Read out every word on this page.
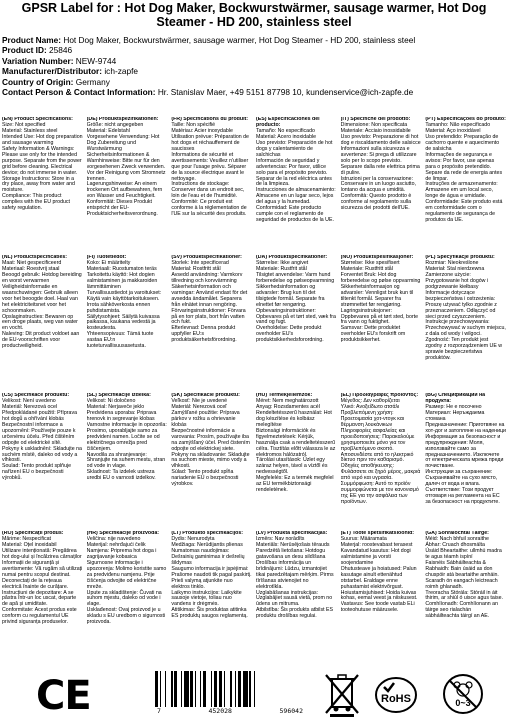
GPSR Label for : Hot Dog Maker, Bockwurstwärmer, sausage warmer, Hot Dog Steamer - HD 200, stainless steel
Product Name: Hot Dog Maker, Bockwurstwärmer, sausage warmer, Hot Dog Steamer - HD 200, stainless steel
Product ID: 25846
Variation Number: NEW-9744
Manufacturer/Distributor: ich-zapfe
Country of Origin: Germany
Contact Person & Contact Information: Hr. Stanislav Maer, +49 5151 87798 10, kundenservice@ich-zapfe.de
(EN) Product Specifications:
Size: Not specified
Material: Stainless steel
Intended Use: Hot dog preparation and sausage warming
Safety Information & Warnings: Please use only for the intended purpose. Separate from the power grid before cleaning. Electrical device; do not immerse in water.
Storage Instructions: Store in a dry place, away from water and moisture.
Compliance: This product complies with the EU product safety regulation.
(DE) Produktspezifikationen:
Größe: nicht angegeben
Material: Edelstahl
Vorgesehene Verwendung: Hot Dog Zubereitung und Wurstwärmung
Sicherheitsinformationen & Warnhinweise: Bitte nur für den vorgesehenen Zweck verwenden. Vor der Reinigung vom Stromnetz trennen.
Lagerungshinweise: An einem trockenen Ort aufbewahren, fern von Wasser und Feuchtigkeit.
Konformität: Dieses Produkt entspricht der EU-Produktsicherheitsverordnung.
(FR) Spécifications du produit:
Taille: Non spécifié
Matériau: Acier inoxydable
Utilisation prévue: Préparation de hot dogs et réchauffement de saucisses
Informations de sécurité et avertissements: Veuillez n'utiliser que pour l'usage prévu. Séparer de la source électrique avant le nettoyage.
Instructions de stockage: Conserver dans un endroit sec, loin de l'eau et de l'humidité.
Conformité: Ce produit est conforme à la réglementation de l'UE sur la sécurité des produits.
(ES) Especificaciones del producto:
Tamaño: No especificado
Material: Acero inoxidable
Uso previsto: Preparación de hot dogs y calentamiento de salchichas
Información de seguridad y advertencias: Por favor, utilice solo para el propósito previsto. Separar de la red eléctrica antes de la limpieza.
Instrucciones de almacenamiento: Almacene en un lugar seco, lejos del agua y la humedad.
Conformidad: Este producto cumple con el reglamento de seguridad de productos de la UE.
(IT) Specifiche del prodotto:
Dimensione: Non specificata
Materiale: Acciaio inossidabile
Uso previsto: Preparazione di hot dog e riscaldamento delle salsicce
Informazioni sulla sicurezza e avvertenze: Si prega di utilizzare solo per lo scopo previsto. Separare dalla rete elettrica prima di pulire.
Istruzioni per la conservazione: Conservare in un luogo asciutto, lontano da acqua e umidità.
Conformità: Questo prodotto è conforme al regolamento sulla sicurezza dei prodotti dell'UE.
(PT) Especificações do produto:
Tamanho: Não especificado
Material: Aço inoxidável
Uso pretendido: Preparação de cachorro quente e aquecimento de salsicha
Informações de segurança e avisos: Por favor, use apenas para o propósito pretendido. Separe da rede de energia antes de limpar.
Instruções de armazenamento: Armazene em um local seco, longe de água e umidade.
Conformidade: Este produto está em conformidade com o regulamento de segurança de produtos da UE.
(NL) Productspecificaties:
Maat: Niet gespecificeerd
Materiaal: Roestvrij staal
Beoogd gebruik: Hotdog bereiding en worst verwarmen
Veiligheidsinformatie en waarschuwingen: Gebruik alleen voor het beoogde doel. Haal van het elektriciteitsnet voor het schoonmaken.
Opslaginstructies: Bewaren op een droge plaats, weg van water en vocht.
Naleving: Dit product voldoet aan de EU-voorschriften voor productveiligheid.
(FI) Tuotetiedot:
Koko: Ei määritelty
Materiaali: Ruostumaton teräs
Tarkoitettu käyttö: Hot dogien valmistaminen ja makkaroiden lämmittäminen
Turvallisuustiedot ja varoitukset: Käytä vain käyttötarkoitukseen. Irrota sähköverkosta ennen puhdistamista.
Säilytysohjeet: Säilytä kuivassa paikassa, kaukana vedestä ja kosteudesta.
Yhteensopivuus: Tämä tuote vastaa EU:n tuoteturvallisuusasetusta.
(SV) Produktspecifikationer:
Storlek: Inte specificerad
Material: Rostfritt stål
Avsedd användning: Varmkorv tillredning och korvvärmning
Säkerhetsinformation och varningar: Använd endast för det avsedda ändamålet. Separera från elnätet innan rengöring.
Förvaringsinstruktioner: Förvara på en torr plats, bort från vatten och fukt.
Efterlevnad: Denna produkt uppfyller EU:s produktsäkerhetsförordning.
(DA) Produktspecifikationer:
Størrelse: Ikke angivet
Materiale: Rustfrit stål
Tilsigtet anvendelse: Varm hund forberedelse og pølseopvarmning
Sikkerhedsinformation og advarsler: Brug kun til det tilsigtede formål. Separate fra elnettet før rengøring.
Opbevaringsinstruktioner: Opbevares på et tørt sted, væk fra vand og fugt.
Overholdelse: Dette produkt overholder EU's produktsikkerhedsforordning.
(NO) Produktspesifikasjoner:
Størrelse: Ikke spesifisert
Materiale: Rustfritt stål
Forventet Bruk: Hot dog forberedelse og pølse oppvarming
Sikkerhetsinformasjon og advarsler: Vennligst bruk kun til tiltenkt formål. Separer fra strømnettet før rengjøring.
Lagringsinstruksjoner: Oppbevares på et tørt sted, borte fra vann og fuktighet.
Samsvar: Dette produktet overholder EU's forskrift om produktsikkerhet.
(PL) Specyfikacje produktu:
Rozmiar: Nieokreślone
Materiał: Stal nierdzewna
Zamierzone użycie: Przygotowanie hot dogów i podgrzewanie kiełbasy
Informacje dotyczące bezpieczeństwa i ostrzeżenia: Proszę używać tylko zgodnie z przeznaczeniem. Odłączyć od sieci przed czyszczeniem.
Instrukcje przechowywania: Przechowywać w suchym miejscu, z dala od wody i wilgoci.
Zgodność: Ten produkt jest zgodny z rozporządzeniem UE w sprawie bezpieczeństwa produktów.
(CS) Specifikace produktu:
Velikost: Není uvedeno
Materiál: Nerezová ocel
Předpokládané použití: Příprava hot dogů a ohřívání klobás
Bezpečnostní informace a upozornění: Používejte pouze k určenému účelu. Před čištěním odpojte od elektrické sítě.
Pokyny k uskladnění: Skladujte na suchém místě, daleko od vody a vlhkosti.
Soulad: Tento produkt splňuje nařízení EU o bezpečnosti výrobků.
(SL) Specifikacije izdelka:
Velikost: Ni določeno
Material: Nerjaveče jeklo
Predvidena uporaba: Priprava hrenovk in segrevanje klobas
Varnostne informacije in opozorila: Prosimo, uporabljajte samo za predvideni namen. Ločite se od električnega omrežja pred čiščenjem.
Navodila za shranjevanje: Shranjujte na suhem mestu, stran od vode in vlage.
Skladnost: Ta izdelek ustreza uredbi EU o varnosti izdelkov.
(SK) Špecifikácie produktu:
Veľkosť: Nie je uvedené
Materiál: Nerezová oceľ
Zamýšľané použitie: Príprava párkov v rožku a ohrievanie klobás
Bezpečnostné informácie a varovania: Prosím, používajte iba na zamýšľaný účel. Pred čistením odpojte od elektrickej siete.
Pokyny na skladovanie: Skladujte na suchom mieste, mimo vody a vlhkosti.
Súlad: Tento produkt spĺňa nariadenie EÚ o bezpečnosti výrobkov.
(HU) Termékjellemzők:
Méret: Nem meghatározott
Anyag: Rozsdamentes acél
Rendeltetésszerű használat: Hot dog készítése és kolbász melegítése
Biztonsági információk és figyelmeztetések: Kérjük, használja csak a rendeltetésszerű célra. Tisztítás előtt válassza le az elektromos hálózatról.
Tárolási utasítások: Üzlet egy száraz helyen, távol a víztől és nedvességtől.
Megfelelés: Ez a termék megfelel az EU termékbiztonsági rendeletének.
(EL) Προδιαγραφές προϊόντος:
Μέγεθος: Δεν καθορίζεται
Υλικό: Ανοξείδωτο ατσάλι
Προβλεπόμενη χρήση: Προετοιμασία χοτ-ντογκ και θέρμανση λουκάνικων
Πληροφορίες ασφαλείας και προειδοποιήσεις: Παρακαλούμε χρησιμοποιείτε μόνο για τον προβλεπόμενο σκοπό. Αποσυνδέστε από το ηλεκτρικό δίκτυο πριν τον καθαρισμό.
Οδηγίες αποθήκευσης: Φυλάσσετε σε ξηρό μέρος, μακριά από νερό και υγρασία.
Συμμόρφωση: Αυτό το προϊόν συμμορφώνεται με τον κανονισμό της ΕΕ για την ασφάλεια των προϊόντων.
(BG) Спецификации на продукта:
Размер: Не е посочено
Материал: Неръждаема стомана
Предназначение: Приготвяне на хот-дог и затопляне на наденици
Информация за безопасност и предупреждения: Моля, използвайте само за предназначението. Изключете от електрическата мрежа преди почистване.
Инструкции за съхранение: Съхранявайте на сухо място, далеч от вода и влага.
Съответствие: Този продукт отговаря на регламента на ЕС за безопасност на продуктите.
(RO) Specificații produs:
Mărime: Nespecificat
Material: Oțel inoxidabil
Utilizare intenționată: Pregătirea hot dog-ului și încălzirea cârnaților
Informații de siguranță și avertismente: Vă rugăm să utilizați numai pentru scopul destinat. Deconectați de la rețeaua electrică înainte de curățare.
Instrucțiuni de depozitare: A se păstra într-un loc uscat, departe de apă și umiditate.
Conformitate: Acest produs este conform cu regulamentul UE privind siguranța produselor.
(HR) Specifikacije proizvoda:
Veličina: nije navedeno
Materijal: nehrđajući čelik
Namjena: Priprema hot doga i zagrijavanje kobasica
Sigurnosne informacije i upozorenja: Molimo koristite samo za predviđenu namjenu. Prije čišćenja odvojite od električne mreže.
Upute za skladištenje: Čuvati na suhom mjestu, daleko od vode i vlage.
Usklađenost: Ovaj proizvod je u skladu s EU uredbom o sigurnosti proizvoda.
(LT) Produkto specifikacijos:
Dydis: Nenurodyta
Medžiaga: Nerūdijantis plienas
Numatomas naudojimas: Dešrainių gaminimas ir dešrelių šildymas
Saugumo informacija ir įspėjimai: Prašome naudoti tik pagal paskirtį. Prieš valymą atjunkite nuo elektros tinklo.
Laikymo instrukcijos: Laikykite sausoje vietoje, toliau nuo vandens ir drėgmės.
Atitikimas: Šis produktas atitinka ES produktų saugos reglamentą.
(LV) Produkta specifikācijas:
Izmērs: Nav norādīts
Materiāls: Nerūsējošais tērauds
Paredzētā lietošana: Hotdogu gatavošana un desu sildīšana
Drošības informācija un brīdinājumi: Lūdzu, izmantojiet tikai paredzētajam mērķim. Pirms tīrīšanas atvienojiet no elektrotīkla.
Uzglabāšanas instrukcijas: Uzglabājiet sausā vietā, prom no ūdens un mitruma.
Atbilstība: Šis produkts atbilst ES produktu drošības regulai.
(ET) Toote spetsifikatsioonid:
Suurus: Määramata
Materjal: roostevabast terasest
Kavandatud kasutus: Hot dogi valmistamine ja vorsti soojendamine
Ohutusteave ja hoiatused: Palun kasutage ainult ettenähtud otstarbel. Eraldage enne puhastamist elektrivõrgust.
Hoiustamisjuhised: Hoida kuivas kohas, eemal veest ja niiskusest.
Vastavus: See toode vastab ELi tooteohutuse määrusele.
(GA) Sonraíochtaí Táirge:
Méid: Nach bhfuil sonraithe
Ábhar: Cruach dhosmálta
Úsáid Bheartaithe: ullmhú madra te agus téamh ispíní
Faisnéis Sábháilteachta & Rabhaidh: Bain úsáid as don chuspóir atá beartaithe amháin. Scaradh ón eangach leictreach roimh ghlanadh.
Treoracha Stórála: Stóráil in áit thirim, ar shiúl ó uisce agus taise.
Comhlíonadh: Comhlíonann an táirge seo rialachán sábháilteachta táirgí an AE.
CE	7	452028	596042
RoHS	0~3
